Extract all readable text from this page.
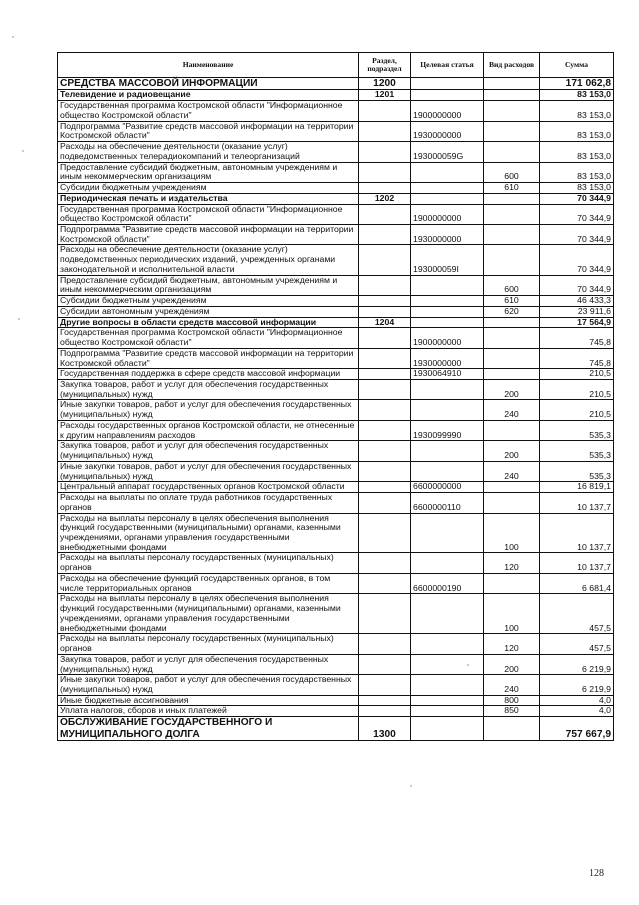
Наименование	Раздел, подраздел	Целевая статья	Вид расходов	Сумма
СРЕДСТВА МАССОВОЙ ИНФОРМАЦИИ	1200			171 062,8
Телевидение и радиовещание	1201			83 153,0
Государственная программа Костромской области "Информационное общество Костромской области"		1900000000		83 153,0
Подпрограмма "Развитие средств массовой информации на территории Костромской области"		1930000000		83 153,0
Расходы на обеспечение деятельности (оказание услуг) подведомственных телерадиокомпаний и телеорганизаций		193000059G		83 153,0
Предоставление субсидий бюджетным, автономным учреждениям и иным некоммерческим организациям			600	83 153,0
Субсидии бюджетным учреждениям			610	83 153,0
Периодическая печать и издательства	1202			70 344,9
Государственная программа Костромской области "Информационное общество Костромской области"		1900000000		70 344,9
Подпрограмма "Развитие средств массовой информации на территории Костромской области"		1930000000		70 344,9
Расходы на обеспечение деятельности (оказание услуг) подведомственных периодических изданий, учрежденных органами законодательной и исполнительной власти		193000059I		70 344,9
Предоставление субсидий бюджетным, автономным учреждениям и иным некоммерческим организациям			600	70 344,9
Субсидии бюджетным учреждениям			610	46 433,3
Субсидии автономным учреждениям			620	23 911,6
Другие вопросы в области средств массовой информации	1204			17 564,9
Государственная программа Костромской области "Информационное общество Костромской области"		1900000000		745,8
Подпрограмма "Развитие средств массовой информации на территории Костромской области"		1930000000		745,8
Государственная поддержка в сфере средств массовой информации		1930064910		210,5
Закупка товаров, работ и услуг для обеспечения государственных (муниципальных) нужд			200	210,5
Иные закупки товаров, работ и услуг для обеспечения государственных (муниципальных) нужд			240	210,5
Расходы государственных органов Костромской области, не отнесенные к другим направлениям расходов		1930099990		535,3
Закупка товаров, работ и услуг для обеспечения государственных (муниципальных) нужд			200	535,3
Иные закупки товаров, работ и услуг для обеспечения государственных (муниципальных) нужд			240	535,3
Центральный аппарат государственных органов Костромской области		6600000000		16 819,1
Расходы на выплаты по оплате труда работников государственных органов		6600000110		10 137,7
Расходы на выплаты персоналу в целях обеспечения выполнения функций государственными (муниципальными) органами, казенными учреждениями, органами управления государственными внебюджетными фондами			100	10 137,7
Расходы на выплаты персоналу государственных (муниципальных) органов			120	10 137,7
Расходы на обеспечение функций государственных органов, в том числе территориальных органов		6600000190		6 681,4
Расходы на выплаты персоналу в целях обеспечения выполнения функций государственными (муниципальными) органами, казенными учреждениями, органами управления государственными внебюджетными фондами			100	457,5
Расходы на выплаты персоналу государственных (муниципальных) органов			120	457,5
Закупка товаров, работ и услуг для обеспечения государственных (муниципальных) нужд			200	6 219,9
Иные закупки товаров, работ и услуг для обеспечения государственных (муниципальных) нужд			240	6 219,9
Иные бюджетные ассигнования			800	4,0
Уплата налогов, сборов и иных платежей			850	4,0
ОБСЛУЖИВАНИЕ ГОСУДАРСТВЕННОГО И МУНИЦИПАЛЬНОГО ДОЛГА	1300			757 667,9
128
